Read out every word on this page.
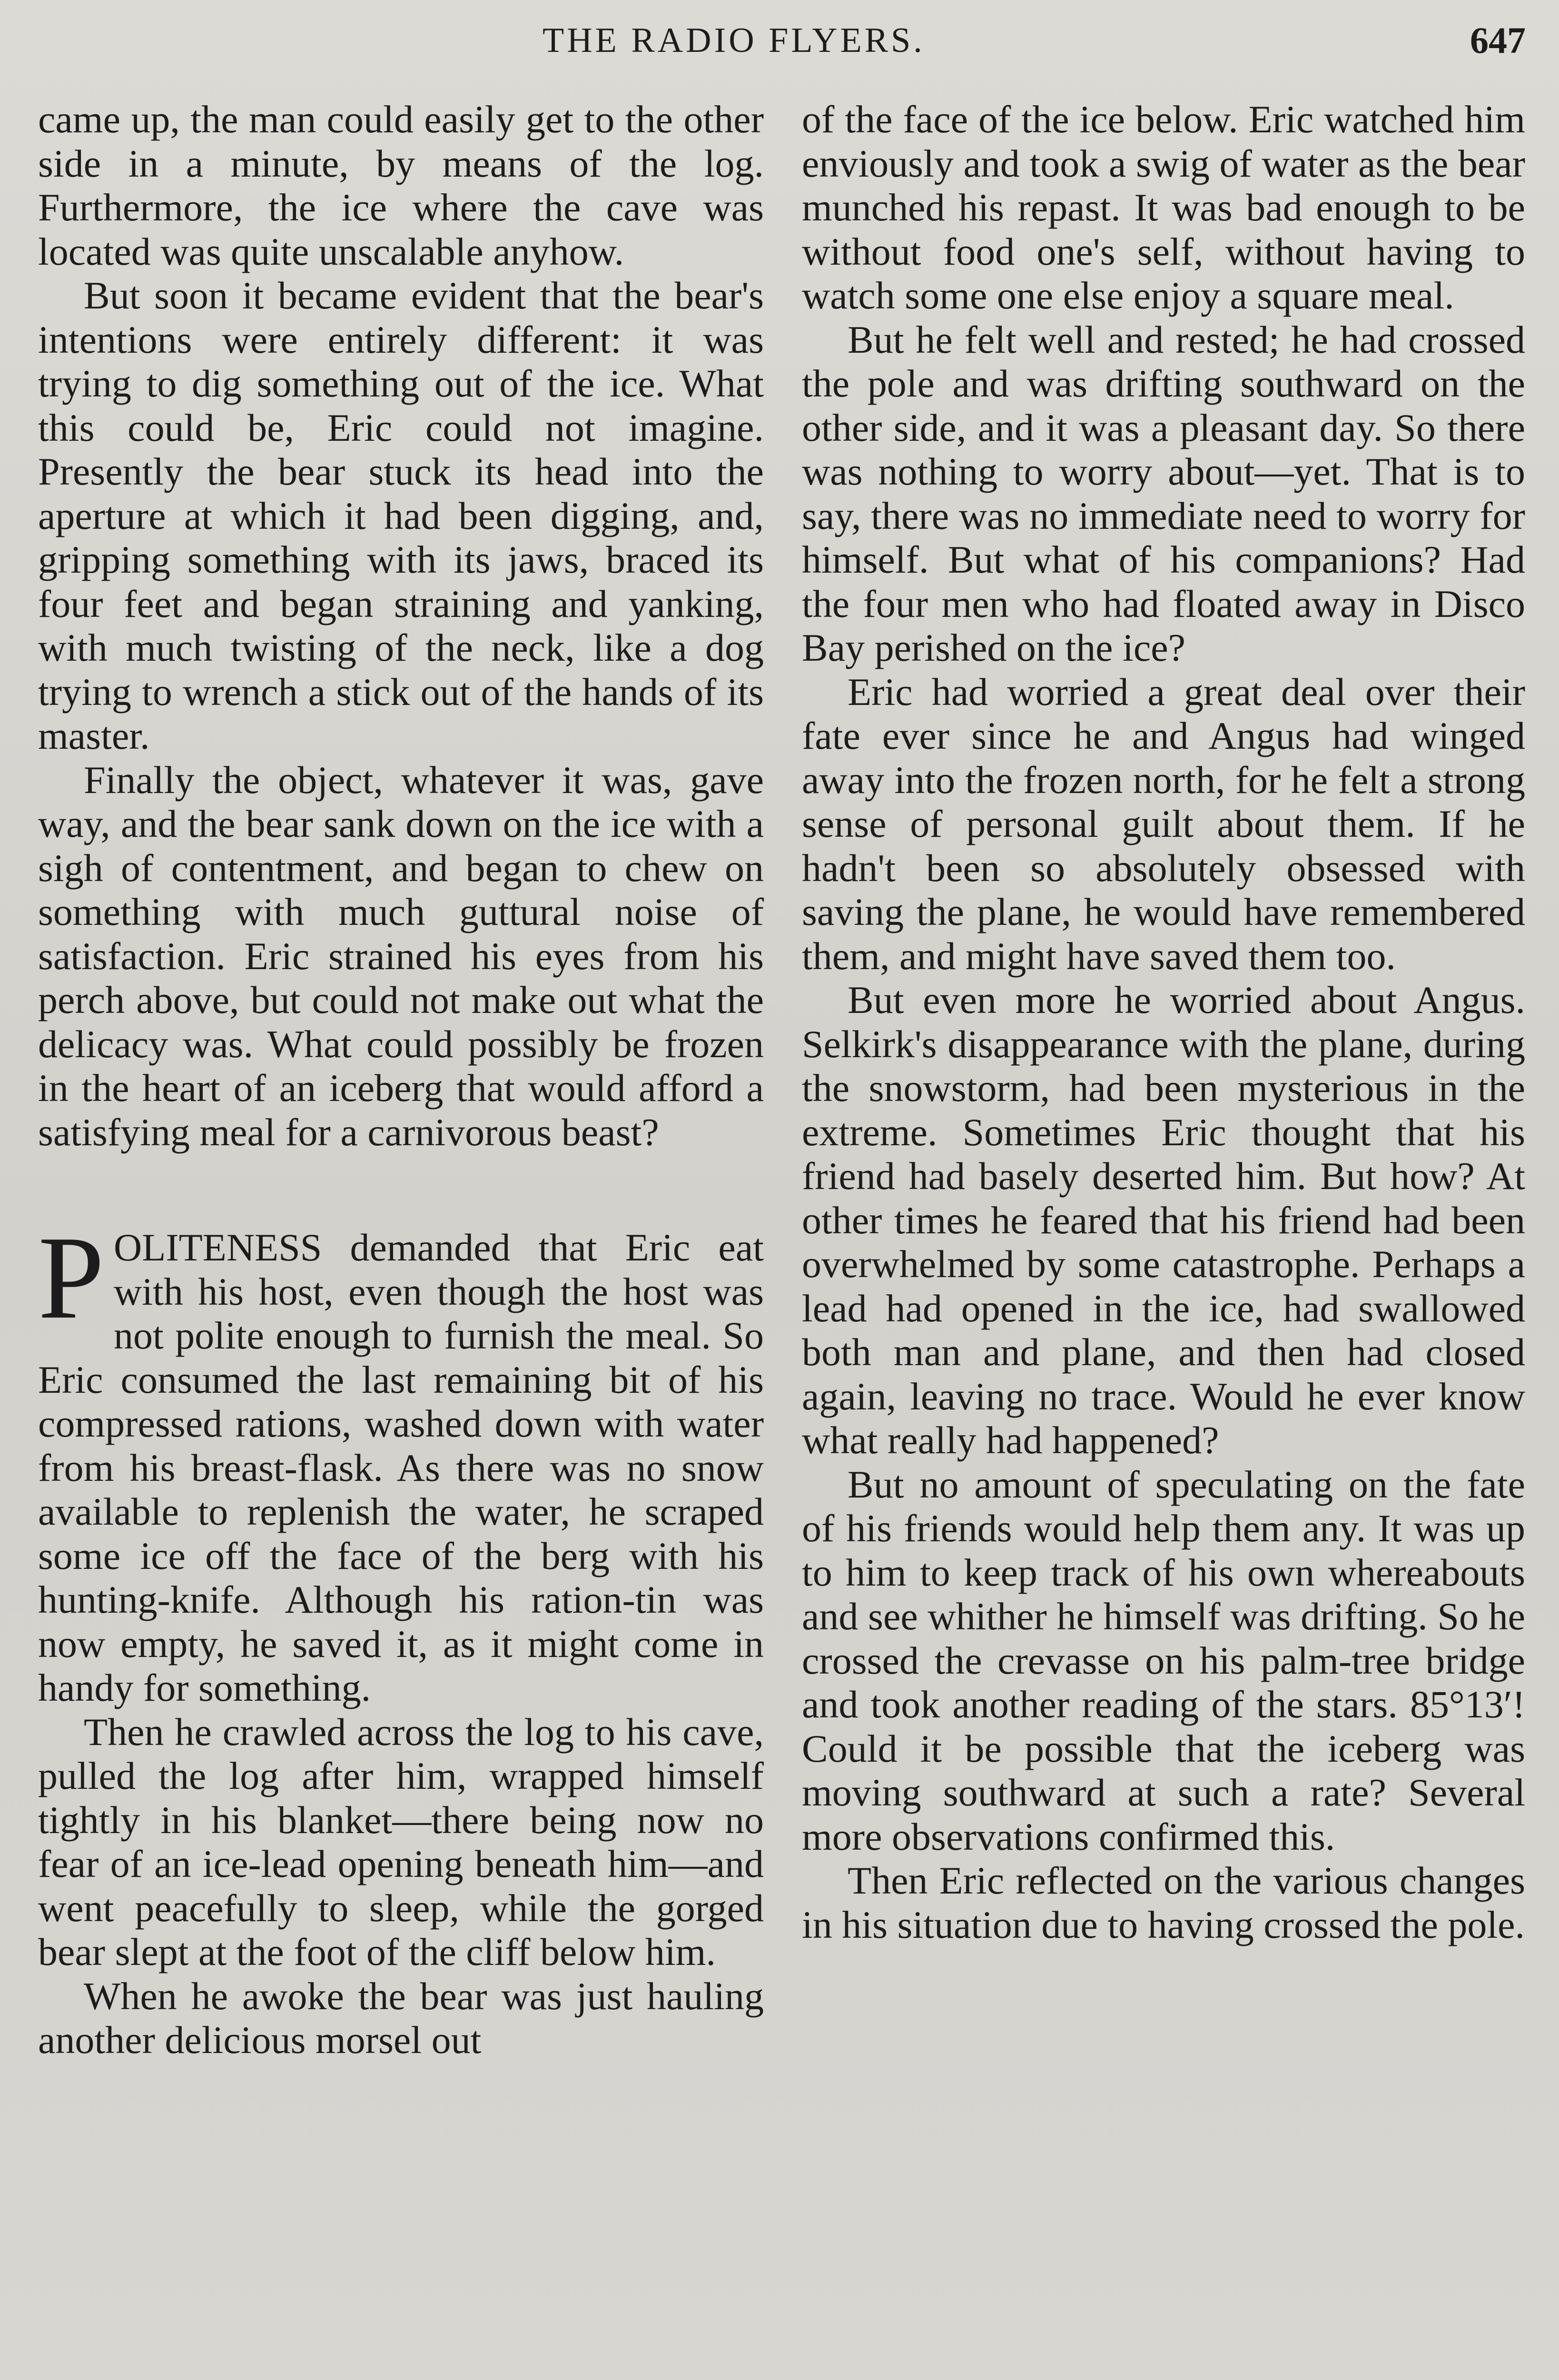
THE RADIO FLYERS.	647

came up, the man could easily get to the other side in a minute, by means of the log. Furthermore, the ice where the cave was located was quite unscalable anyhow.

But soon it became evident that the bear's intentions were entirely different: it was trying to dig something out of the ice. What this could be, Eric could not imagine. Presently the bear stuck its head into the aperture at which it had been digging, and, gripping something with its jaws, braced its four feet and began straining and yanking, with much twisting of the neck, like a dog trying to wrench a stick out of the hands of its master.

Finally the object, whatever it was, gave way, and the bear sank down on the ice with a sigh of contentment, and began to chew on something with much guttural noise of satisfaction. Eric strained his eyes from his perch above, but could not make out what the delicacy was. What could possibly be frozen in the heart of an iceberg that would afford a satisfying meal for a carnivorous beast?

POLITENESS demanded that Eric eat with his host, even though the host was not polite enough to furnish the meal. So Eric consumed the last remaining bit of his compressed rations, washed down with water from his breast-flask. As there was no snow available to replenish the water, he scraped some ice off the face of the berg with his hunting-knife. Although his ration-tin was now empty, he saved it, as it might come in handy for something.

Then he crawled across the log to his cave, pulled the log after him, wrapped himself tightly in his blanket—there being now no fear of an ice-lead opening beneath him—and went peacefully to sleep, while the gorged bear slept at the foot of the cliff below him.

When he awoke the bear was just hauling another delicious morsel out

of the face of the ice below. Eric watched him enviously and took a swig of water as the bear munched his repast. It was bad enough to be without food one's self, without having to watch some one else enjoy a square meal.

But he felt well and rested; he had crossed the pole and was drifting southward on the other side, and it was a pleasant day. So there was nothing to worry about—yet. That is to say, there was no immediate need to worry for himself. But what of his companions? Had the four men who had floated away in Disco Bay perished on the ice?

Eric had worried a great deal over their fate ever since he and Angus had winged away into the frozen north, for he felt a strong sense of personal guilt about them. If he hadn't been so absolutely obsessed with saving the plane, he would have remembered them, and might have saved them too.

But even more he worried about Angus. Selkirk's disappearance with the plane, during the snowstorm, had been mysterious in the extreme. Sometimes Eric thought that his friend had basely deserted him. But how? At other times he feared that his friend had been overwhelmed by some catastrophe. Perhaps a lead had opened in the ice, had swallowed both man and plane, and then had closed again, leaving no trace. Would he ever know what really had happened?

But no amount of speculating on the fate of his friends would help them any. It was up to him to keep track of his own whereabouts and see whither he himself was drifting. So he crossed the crevasse on his palm-tree bridge and took another reading of the stars. 85°13′! Could it be possible that the iceberg was moving southward at such a rate? Several more observations confirmed this.

Then Eric reflected on the various changes in his situation due to having crossed the pole.
